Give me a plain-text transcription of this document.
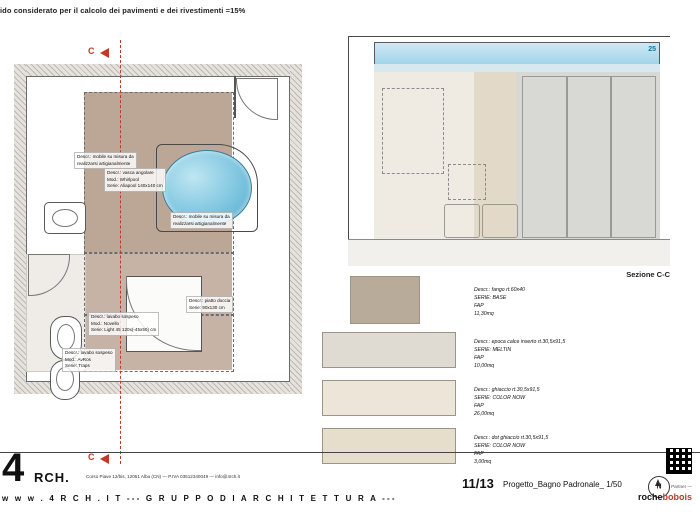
ido considerato per il calcolo dei pavimenti e dei rivestimenti =15%
C
C
Descr.: mobile su misura da
realizzarsi artigianalmente
Descr.: vasca angolare
Mod.: Whirlpool
Serie: Aliapool 140x140 cm
Descr.: mobile su misura da
realizzarsi artigianalmente
Descr.: piatto doccia
Serie: 90x130 cm
Descr.: lavabo sospeso
Mod.: Novello
Serie: Light 45 120x(-45x50) cm
Descr.: lavabo sospeso
Mod.: AvRos
Serie: Traps
25
Sezione C-C
Descr.: fango rt.60x40
SERIE: BASE
FAP
11,30mq
Descr.: epoca calce inserto rt.30,5x91,5
SERIE: MELTIN
FAP
10,00mq
Descr.: ghiaccio rt.30,5x91,5
SERIE: COLOR NOW
FAP
26,00mq
Descr.: dot ghiaccio rt.30,5x91,5
SERIE: COLOR NOW
FAP
3,00mq
4 RCH.	Corso Piave 12/bis, 12051 Alba (CN) — P.IVA 03512340049 — info@4rch.it
w w w . 4 R C H . I T --- G R U P P O D I A R C H I T E T T U R A ---
11/13 Progetto_Bagno Padronale_ 1/50	N Partner —
rochebobois
